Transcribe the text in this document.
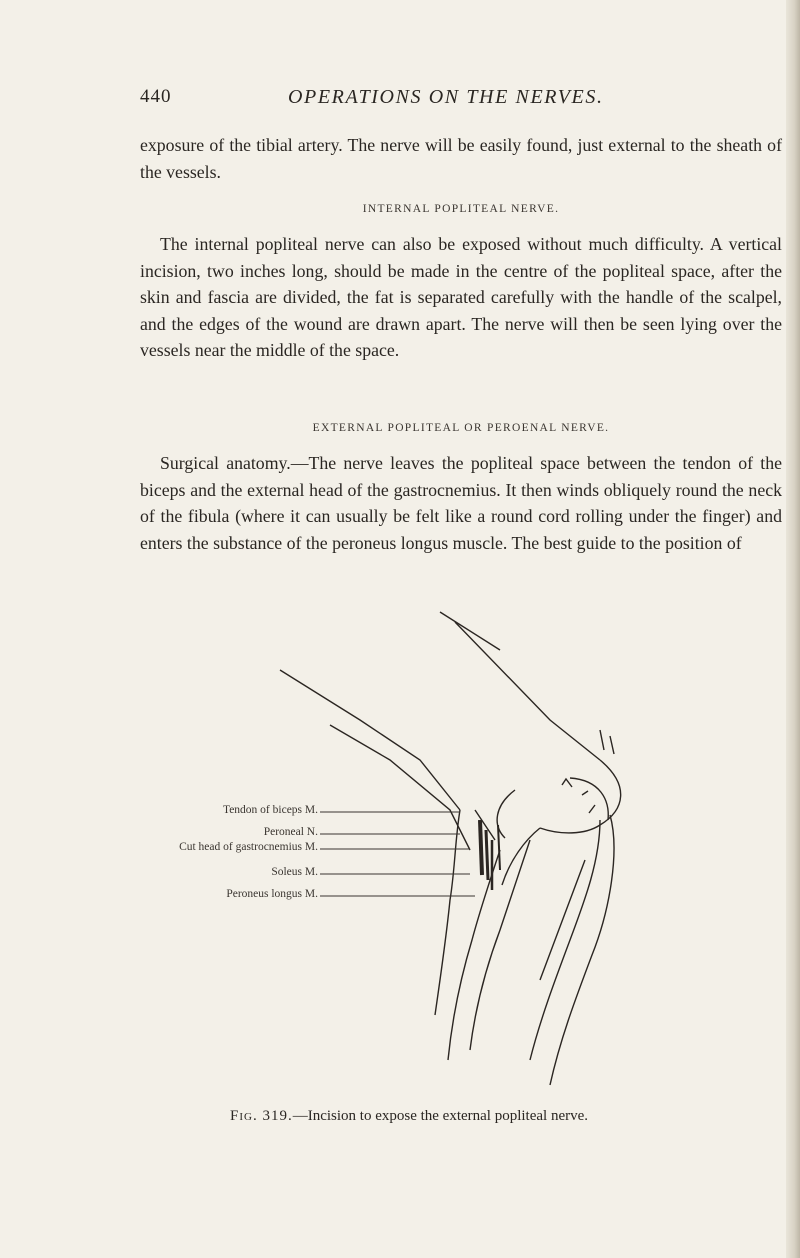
440	OPERATIONS ON THE NERVES.

exposure of the tibial artery. The nerve will be easily found, just external to the sheath of the vessels.

INTERNAL POPLITEAL NERVE.

The internal popliteal nerve can also be exposed without much difficulty. A vertical incision, two inches long, should be made in the centre of the popliteal space, after the skin and fascia are divided, the fat is separated carefully with the handle of the scalpel, and the edges of the wound are drawn apart. The nerve will then be seen lying over the vessels near the middle of the space.

EXTERNAL POPLITEAL OR PEROENAL NERVE.

Surgical anatomy.—The nerve leaves the popliteal space between the tendon of the biceps and the external head of the gastrocnemius. It then winds obliquely round the neck of the fibula (where it can usually be felt like a round cord rolling under the finger) and enters the substance of the peroneus longus muscle. The best guide to the position of

Tendon of biceps M.
Peroneal N.
Cut head of gastrocnemius M.
Soleus M.
Peroneus longus M.
Fig. 319.—Incision to expose the external popliteal nerve.
